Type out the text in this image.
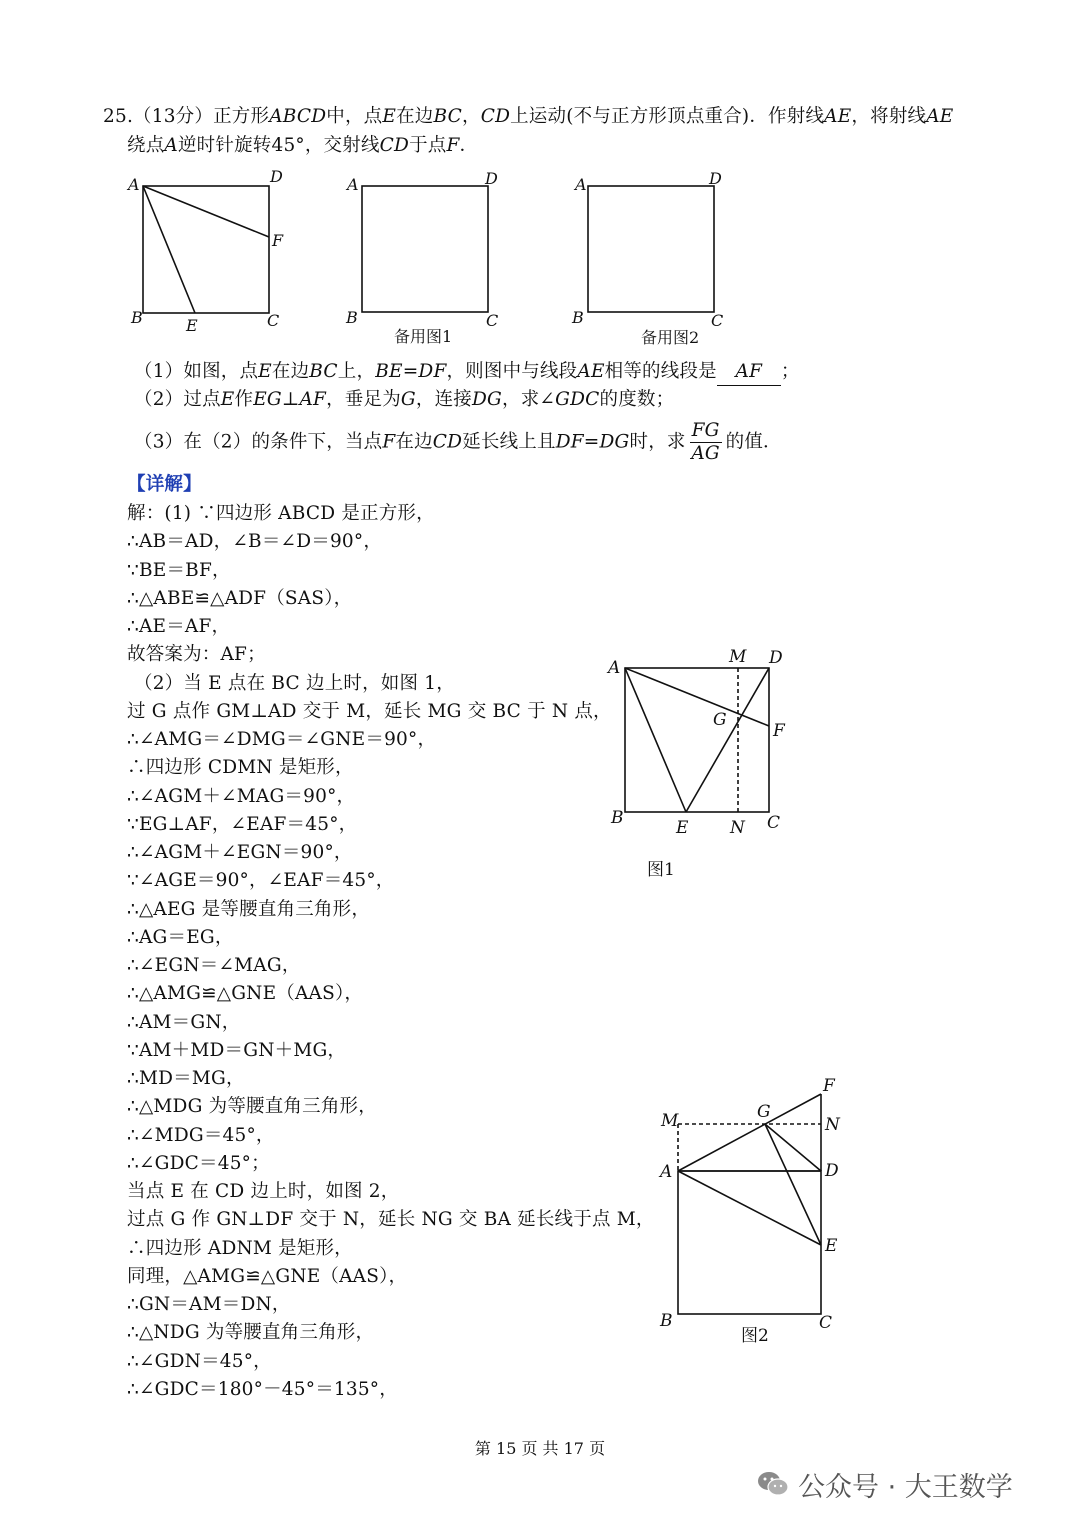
25.（13分）正方形ABCD中，点E在边BC，CD上运动(不与正方形顶点重合)．作射线AE，将射线AE
绕点A逆时针旋转45°，交射线CD于点F．
A	D
F
B	E	C
A	D
B	C
备用图1
A	D
B	C
备用图2
（1）如图，点E在边BC上，BE=DF，则图中与线段AE相等的线段是 AF ；
（2）过点E作EG⊥AF，垂足为G，连接DG，求∠GDC的度数；
（3）在（2）的条件下，当点F在边CD延长线上且DF=DG时，求 $\frac{FG}{AG}$ 的值．
【详解】
解：(1) ∵四边形 ABCD 是正方形，
∴AB＝AD，∠B＝∠D＝90°，
∵BE＝BF，
∴△ABE≌△ADF（SAS），
∴AE＝AF，
故答案为：AF；
（2）当 E 点在 BC 边上时，如图 1，
过 G 点作 GM⊥AD 交于 M，延长 MG 交 BC 于 N 点，
∴∠AMG＝∠DMG＝∠GNE＝90°，
∴四边形 CDMN 是矩形，
∴∠AGM＋∠MAG＝90°，
∵EG⊥AF，∠EAF＝45°，
∴∠AGM＋∠EGN＝90°，
∵∠AGE＝90°，∠EAF＝45°，
∴△AEG 是等腰直角三角形，
∴AG＝EG，
∴∠EGN＝∠MAG，
∴△AMG≌△GNE（AAS），
∴AM＝GN，
∵AM＋MD＝GN＋MG，
∴MD＝MG，
∴△MDG 为等腰直角三角形，
∴∠MDG＝45°，
∴∠GDC＝45°；
当点 E 在 CD 边上时，如图 2，
过点 G 作 GN⊥DF 交于 N，延长 NG 交 BA 延长线于点 M，
∴四边形 ADNM 是矩形，
同理，△AMG≌△GNE（AAS），
∴GN＝AM＝DN，
∴△NDG 为等腰直角三角形，
∴∠GDN＝45°，
∴∠GDC＝180°－45°＝135°，
A
M D
G
F
B	E N C
图1
F
G
M	N
A	D
E
B	C
图2
第 15 页 共 17 页
公众号 · 大王数学
